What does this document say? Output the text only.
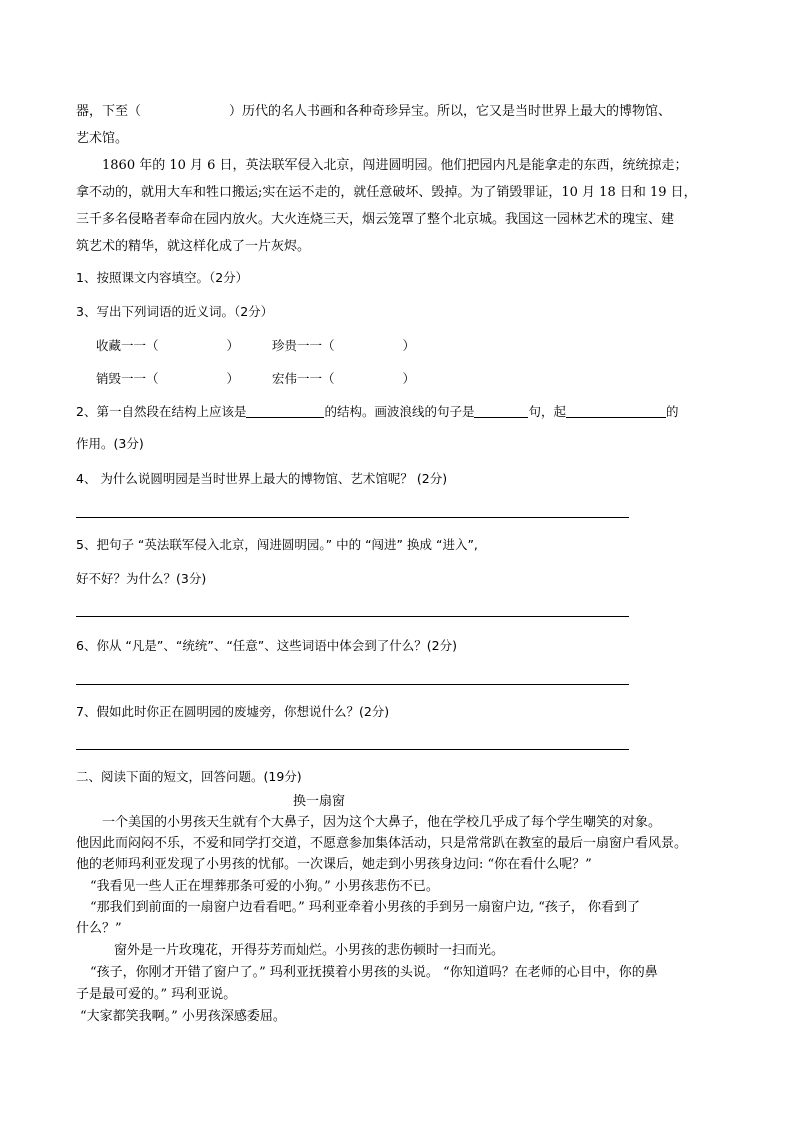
器，下至（	）历代的名人书画和各种奇珍异宝。所以，它又是当时世界上最大的博物馆、
艺术馆。
1860 年的 10 月 6 日，英法联军侵入北京，闯进圆明园。他们把园内凡是能拿走的东西，统统掠走；
拿不动的，就用大车和牲口搬运;实在运不走的，就任意破坏、毁掉。为了销毁罪证，10 月 18 日和 19 日，
三千多名侵略者奉命在园内放火。大火连烧三天，烟云笼罩了整个北京城。我国这一园林艺术的瑰宝、建
筑艺术的精华，就这样化成了一片灰烬。
1、按照课文内容填空。（2分）
3、写出下列词语的近义词。（2分）
收藏一一（	）	珍贵一一（	）
销毁一一（	）	宏伟一一（	）
2、第一自然段在结构上应该是	的结构。画波浪线的句子是	句，起	的
作用。(3分)
4、 为什么说圆明园是当时世界上最大的博物馆、艺术馆呢？ (2分)
5、把句子 “英法联军侵入北京，闯进圆明园。” 中的 “闯进” 换成 “进入”,
好不好？为什么？(3分)
6、你从 “凡是”、“统统”、“任意”、这些词语中体会到了什么？(2分)
7、假如此时你正在圆明园的废墟旁，你想说什么？(2分)
二、阅读下面的短文，回答问题。(19分)
换一扇窗
一个美国的小男孩天生就有个大鼻子，因为这个大鼻子，他在学校几乎成了每个学生嘲笑的对象。
他因此而闷闷不乐，不爱和同学打交道，不愿意参加集体活动，只是常常趴在教室的最后一扇窗户看风景。
他的老师玛利亚发现了小男孩的忧郁。一次课后，她走到小男孩身边问: “你在看什么呢？”
“我看见一些人正在埋葬那条可爱的小狗。” 小男孩悲伤不已。
“那我们到前面的一扇窗户边看看吧。” 玛利亚牵着小男孩的手到另一扇窗户边, “孩子， 你看到了
什么？”
窗外是一片玫瑰花，开得芬芳而灿烂。小男孩的悲伤顿时一扫而光。
“孩子，你刚才开错了窗户了。” 玛利亚抚摸着小男孩的头说。 “你知道吗？在老师的心目中，你的鼻
子是最可爱的。” 玛利亚说。
“大家都笑我啊。” 小男孩深感委屈。
